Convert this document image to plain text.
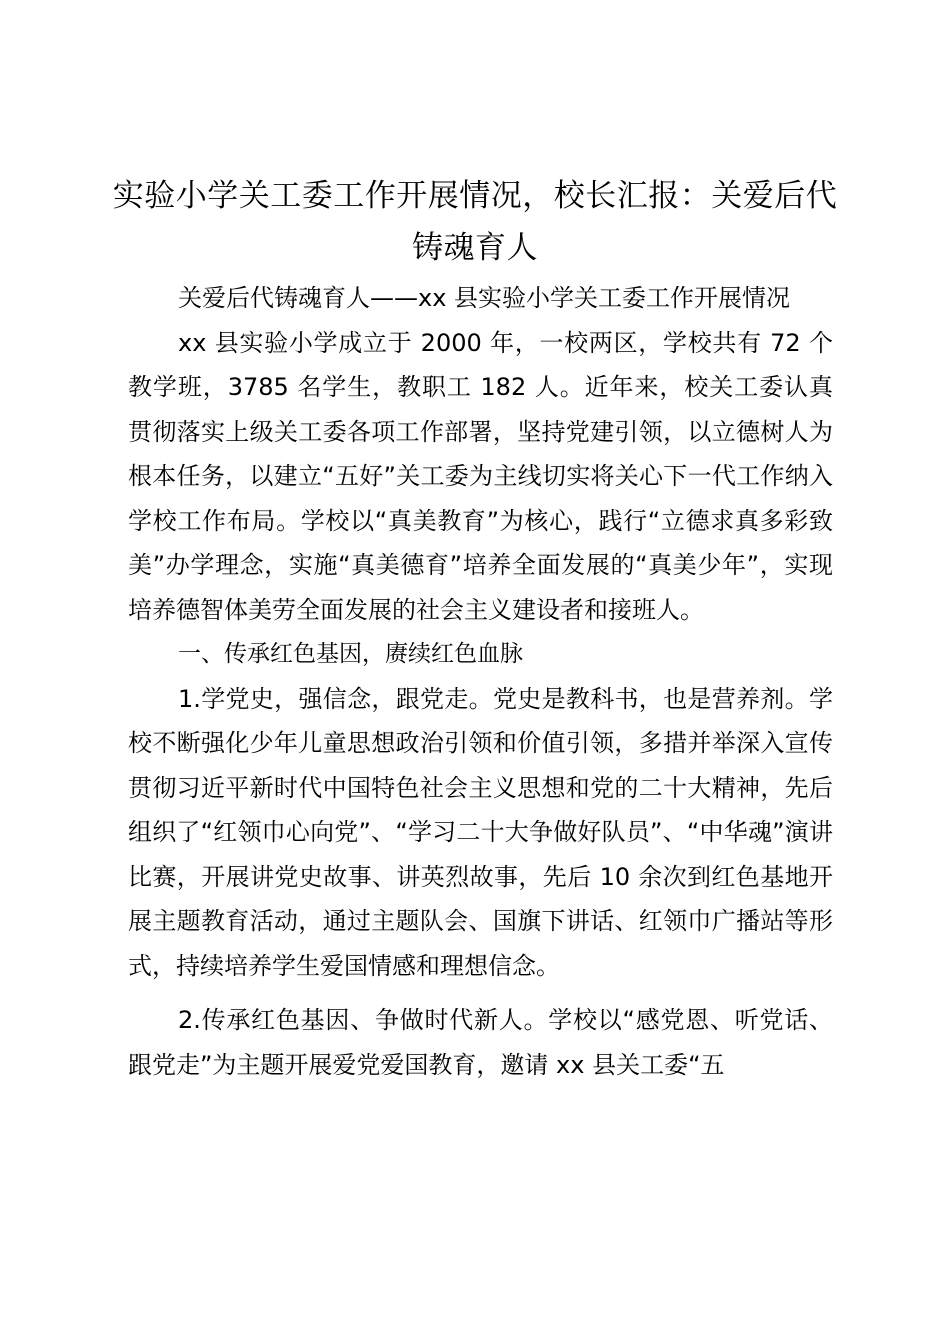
实验小学关工委工作开展情况，校长汇报：关爱后代铸魂育人

关爱后代铸魂育人——xx 县实验小学关工委工作开展情况

xx 县实验小学成立于 2000 年，一校两区，学校共有 72 个教学班，3785 名学生，教职工 182 人。近年来，校关工委认真贯彻落实上级关工委各项工作部署，坚持党建引领，以立德树人为根本任务，以建立“五好”关工委为主线切实将关心下一代工作纳入学校工作布局。学校以“真美教育”为核心，践行“立德求真多彩致美”办学理念，实施“真美德育”培养全面发展的“真美少年”，实现培养德智体美劳全面发展的社会主义建设者和接班人。

一、传承红色基因，赓续红色血脉

1.学党史，强信念，跟党走。党史是教科书，也是营养剂。学校不断强化少年儿童思想政治引领和价值引领，多措并举深入宣传贯彻习近平新时代中国特色社会主义思想和党的二十大精神，先后组织了“红领巾心向党”、“学习二十大争做好队员”、“中华魂”演讲比赛，开展讲党史故事、讲英烈故事，先后 10 余次到红色基地开展主题教育活动，通过主题队会、国旗下讲话、红领巾广播站等形式，持续培养学生爱国情感和理想信念。

2.传承红色基因、争做时代新人。学校以“感党恩、听党话、跟党走”为主题开展爱党爱国教育，邀请 xx 县关工委“五
